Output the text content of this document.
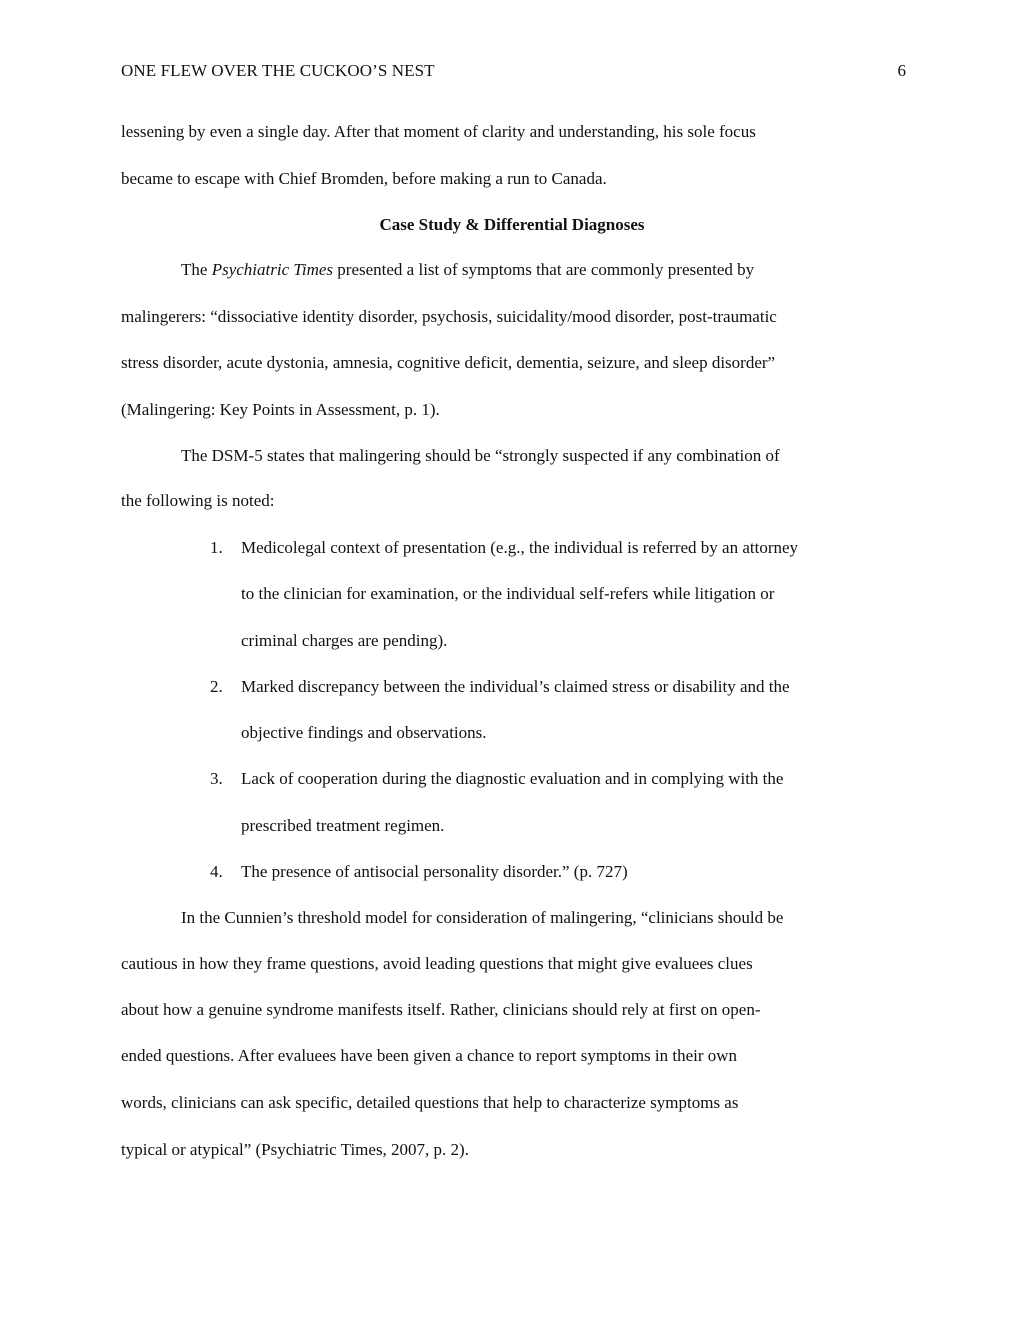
ONE FLEW OVER THE CUCKOO’S NEST	6
lessening by even a single day. After that moment of clarity and understanding, his sole focus
became to escape with Chief Bromden, before making a run to Canada.
Case Study & Differential Diagnoses
The Psychiatric Times presented a list of symptoms that are commonly presented by
malingerers: “dissociative identity disorder, psychosis, suicidality/mood disorder, post-traumatic
stress disorder, acute dystonia, amnesia, cognitive deficit, dementia, seizure, and sleep disorder”
(Malingering: Key Points in Assessment, p. 1).
The DSM-5 states that malingering should be “strongly suspected if any combination of
the following is noted:
1. Medicolegal context of presentation (e.g., the individual is referred by an attorney
to the clinician for examination, or the individual self-refers while litigation or
criminal charges are pending).
2. Marked discrepancy between the individual’s claimed stress or disability and the
objective findings and observations.
3. Lack of cooperation during the diagnostic evaluation and in complying with the
prescribed treatment regimen.
4. The presence of antisocial personality disorder.” (p. 727)
In the Cunnien’s threshold model for consideration of malingering, “clinicians should be
cautious in how they frame questions, avoid leading questions that might give evaluees clues
about how a genuine syndrome manifests itself. Rather, clinicians should rely at first on open-
ended questions. After evaluees have been given a chance to report symptoms in their own
words, clinicians can ask specific, detailed questions that help to characterize symptoms as
typical or atypical” (Psychiatric Times, 2007, p. 2).
